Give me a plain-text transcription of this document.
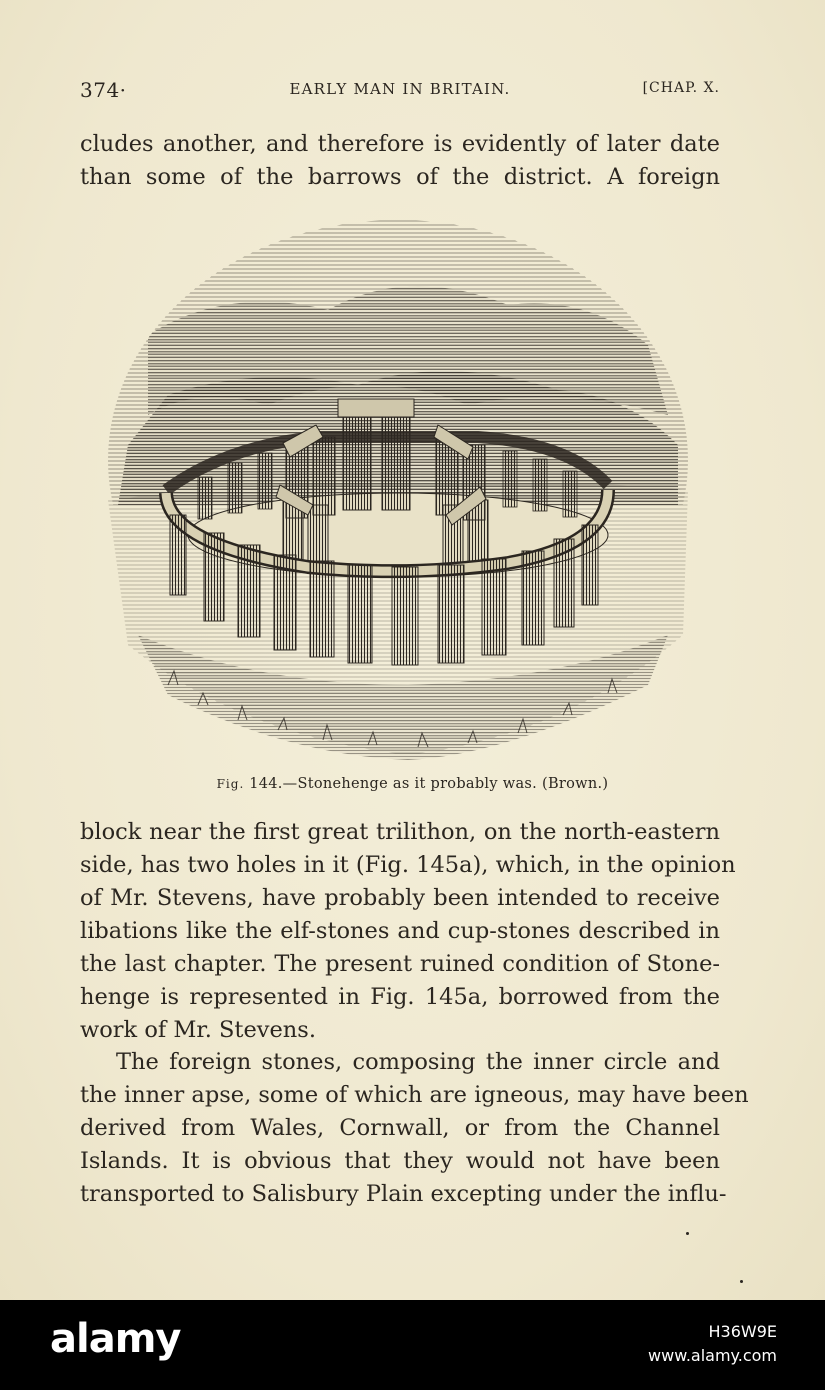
374·	EARLY MAN IN BRITAIN.	[CHAP. X.
cludes another, and therefore is evidently of later date
than some of the barrows of the district. A foreign
Fig. 144.—Stonehenge as it probably was. (Brown.)
block near the first great trilithon, on the north-eastern
side, has two holes in it (Fig. 145a), which, in the opinion
of Mr. Stevens, have probably been intended to receive
libations like the elf-stones and cup-stones described in
the last chapter. The present ruined condition of Stone-
henge is represented in Fig. 145a, borrowed from the
work of Mr. Stevens.
The foreign stones, composing the inner circle and
the inner apse, some of which are igneous, may have been
derived from Wales, Cornwall, or from the Channel
Islands. It is obvious that they would not have been
transported to Salisbury Plain excepting under the influ-
alamy	H36W9E
www.alamy.com
